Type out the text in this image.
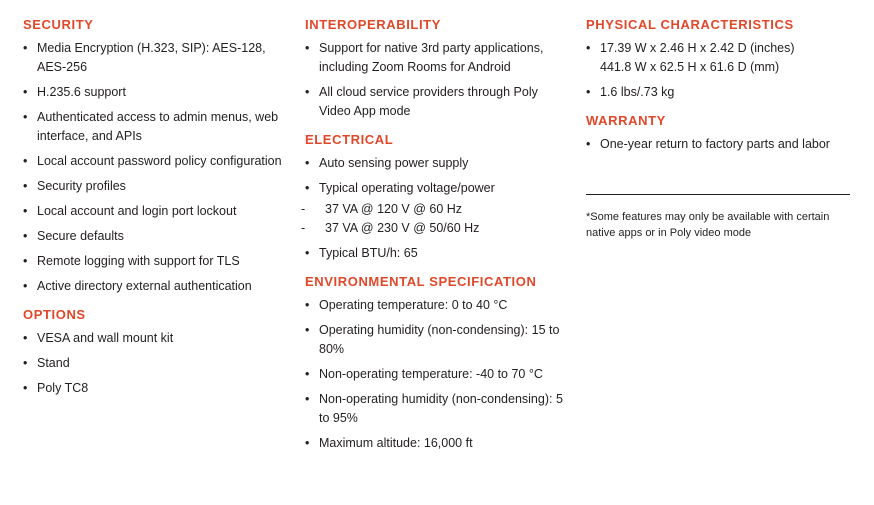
SECURITY
• Media Encryption (H.323, SIP): AES-128, AES-256
• H.235.6 support
• Authenticated access to admin menus, web interface, and APIs
• Local account password policy configuration
• Security profiles
• Local account and login port lockout
• Secure defaults
• Remote logging with support for TLS
• Active directory external authentication
OPTIONS
• VESA and wall mount kit
• Stand
• Poly TC8
INTEROPERABILITY
• Support for native 3rd party applications, including Zoom Rooms for Android
• All cloud service providers through Poly Video App mode
ELECTRICAL
• Auto sensing power supply
• Typical operating voltage/power
- 37 VA @ 120 V @ 60 Hz
- 37 VA @ 230 V @ 50/60 Hz
• Typical BTU/h: 65
ENVIRONMENTAL SPECIFICATION
• Operating temperature: 0 to 40 °C
• Operating humidity (non-condensing): 15 to 80%
• Non-operating temperature: -40 to 70 °C
• Non-operating humidity (non-condensing): 5 to 95%
• Maximum altitude: 16,000 ft
PHYSICAL CHARACTERISTICS
• 17.39 W x 2.46 H x 2.42 D (inches)
441.8 W x 62.5 H x 61.6 D (mm)
• 1.6 lbs/.73 kg
WARRANTY
• One-year return to factory parts and labor

*Some features may only be available with certain native apps or in Poly video mode
